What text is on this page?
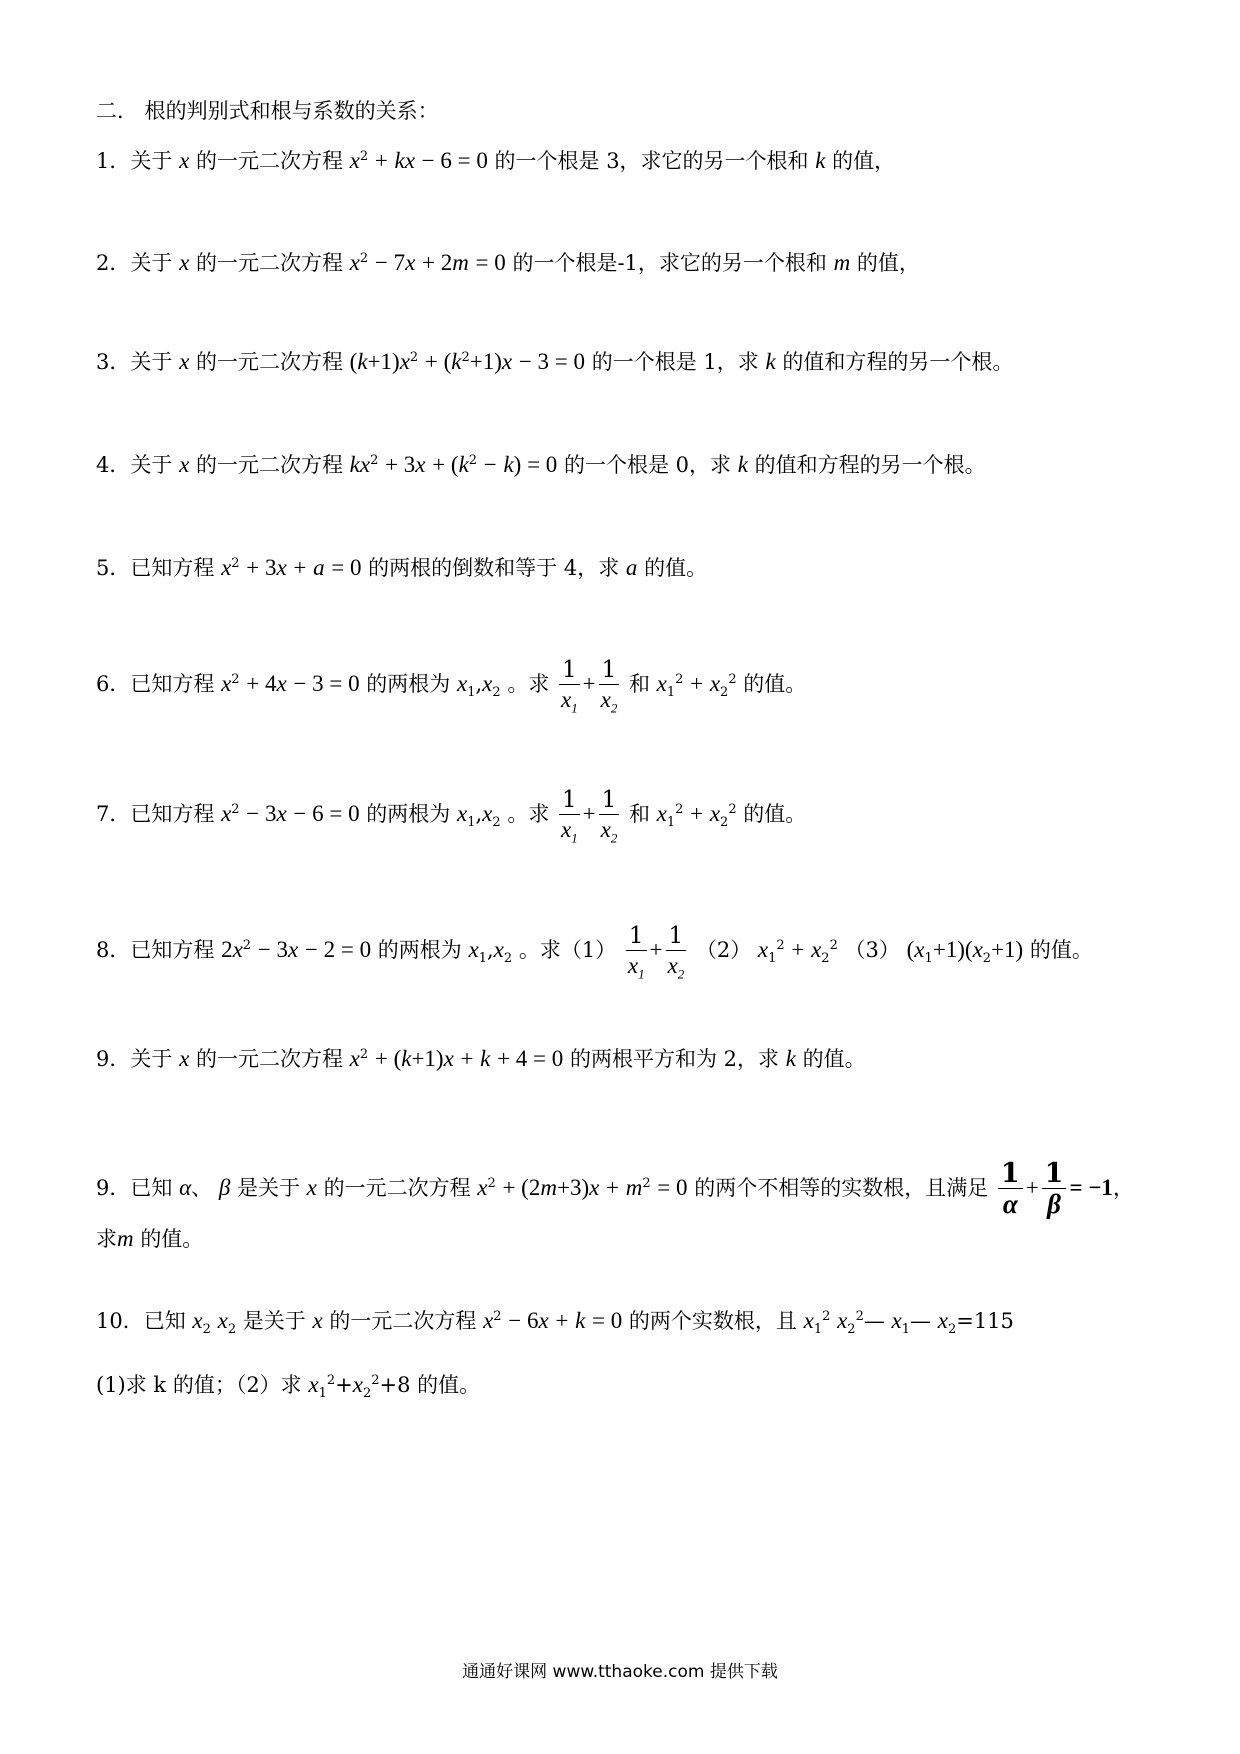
二． 根的判别式和根与系数的关系：
1．关于 x 的一元二次方程 $x^2$ + kx − 6 = 0 的一个根是 3，求它的另一个根和 k 的值，
2．关于 x 的一元二次方程 $x^2 - 7x + 2m = 0$ 的一个根是-1，求它的另一个根和 m 的值，
3．关于 x 的一元二次方程 $(k+1)x^2 + (k^2+1)x - 3 = 0$ 的一个根是 1，求 k 的值和方程的另一个根。
4．关于 x 的一元二次方程 $kx^2 + 3x + (k^2 - k) = 0$ 的一个根是 0，求 k 的值和方程的另一个根。
5．已知方程 $x^2 + 3x + a = 0$ 的两根的倒数和等于 4，求 a 的值。
6．已知方程 $x^2 + 4x - 3 = 0$ 的两根为 $x_1,x_2$ 。求 $\frac{1}{x_1} + \frac{1}{x_2}$ 和 $x_1^2 + x_2^2$ 的值。
7．已知方程 $x^2 - 3x - 6 = 0$ 的两根为 $x_1,x_2$ 。求 $\frac{1}{x_1} + \frac{1}{x_2}$ 和 $x_1^2 + x_2^2$ 的值。
8．已知方程 $2x^2 - 3x - 2 = 0$ 的两根为 $x_1,x_2$ 。求$(1) \frac{1}{x_1} + \frac{1}{x_2} (2) x_1^2 + x_2^2$ （3） $(x_1+1)(x_2+1)$ 的值。
9．关于 x 的一元二次方程 $x^2 + (k+1)x + k + 4 = 0$ 的两根平方和为 2，求 k 的值。
9．已知 α、 β 是关于 x 的一元二次方程 $x^2 + (2m+3)x + m^2 = 0$ 的两个不相等的实数根，且满足 $\frac{1}{\alpha} + \frac{1}{\beta} = -1$，
求m 的值。
10．已知 $x_2$ $x_2$ 是关于 x 的一元二次方程 $x^2 - 6x + k = 0$ 的两个实数根，且 $x_1^2$ $x_2^2—$ $x_1—$ $x_2=115$
(1)求 k 的值；（2）求 $x_1^2+x_2^2+8$ 的值。
通通好课网 www.tthaoke.com 提供下载
